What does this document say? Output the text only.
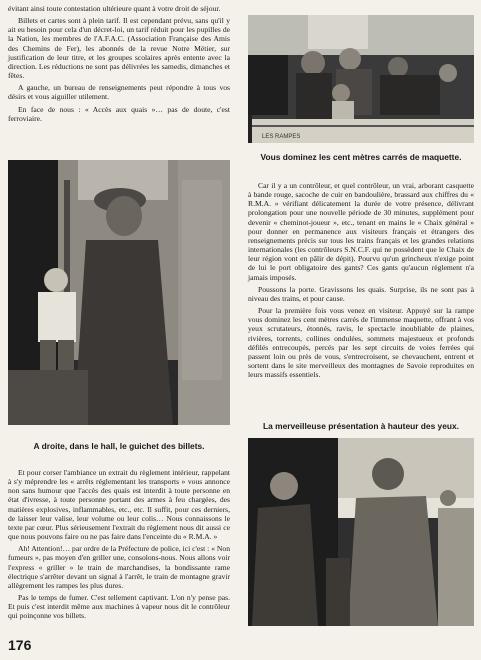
évitant ainsi toute contestation ultérieure quant à votre droit de séjour.

Billets et cartes sont à plein tarif. Il est cependant prévu, sans qu'il y ait eu besoin pour cela d'un décret-loi, un tarif réduit pour les pupilles de la Nation, les membres de l'A.F.A.C. (Association Française des Amis des Chemins de Fer), les abonnés de la revue Notre Métier, sur justification de leur titre, et les groupes scolaires après entente avec la direction. Les réductions ne sont pas délivrées les samedis, dimanches et fêtes.

A gauche, un bureau de renseignements peut répondre à tous vos désirs et vous aiguiller utilement.

En face de nous : « Accès aux quais »… pas de doute, c'est ferroviaire.

LES RAMPES
Vous dominez les cent mètres carrés de maquette.
A droite, dans le hall, le guichet des billets.

Car il y a un contrôleur, et quel contrôleur, un vrai, arborant casquette à bande rouge, sacoche de cuir en bandoulière, brassard aux chiffres du « R.M.A. » vérifiant délicatement la durée de votre présence, délivrant prolongation pour une nouvelle période de 30 minutes, supplément pour devenir « cheminot-joueur », etc., tenant en mains le « Chaix général » pour donner en permanence aux visiteurs français et étrangers des renseignements précis sur tous les trains français et les grandes relations internationales (les contrôleurs S.N.C.F. qui ne possèdent que le Chaix de leur région vont en pâlir de dépit). Pourvu qu'un grincheux n'exige point de lui le port obligatoire des gants? Ces gants qu'aucun règlement n'a jamais imposés.

Poussons la porte. Gravissons les quais. Surprise, ils ne sont pas à niveau des trains, et pour cause.

Pour la première fois vous venez en visiteur. Appuyé sur la rampe vous dominez les cent mètres carrés de l'immense maquette, offrant à vos yeux scrutateurs, étonnés, ravis, le spectacle inoubliable de plaines, rivières, torrents, collines ondulées, sommets majestueux et profonds défilés entrecoupés, percés par les sept circuits de voies ferrées qui passent loin ou près de vous, s'entrecroisent, se chevauchent, entrent et sortent dans le site merveilleux des montagnes de Savoie reproduites en leurs massifs essentiels.

La merveilleuse présentation à hauteur des yeux.

Et pour corser l'ambiance un extrait du règlement intérieur, rappelant à s'y méprendre les « arrêts réglementant les transports » vous annonce non sans humour que l'accès des quais est interdit à toute personne en état d'ivresse, à toute personne portant des armes à feu chargées, des matières explosives, inflammables, etc., etc. Il suffit, pour ces derniers, de laisser leur valise, leur volume ou leur colis… Nous connaissons le texte par cœur. Plus sérieusement l'extrait du règlement nous dit aussi ce que nous pouvons faire ou ne pas faire dans l'enceinte du « R.M.A. »

Ah! Attention!… par ordre de la Préfecture de police, ici c'est : « Non fumeurs », pas moyen d'en griller une, consolons-nous. Nous allons voir l'express « griller » le train de marchandises, la bondissante rame électrique s'arrêter devant un signal à l'arrêt, le train de montagne gravir allègrement les rampes les plus dures.

Pas le temps de fumer. C'est tellement captivant. L'on n'y pense pas. Et puis c'est interdit même aux machines à vapeur nous dit le contrôleur qui poinçonne vos billets.

176
